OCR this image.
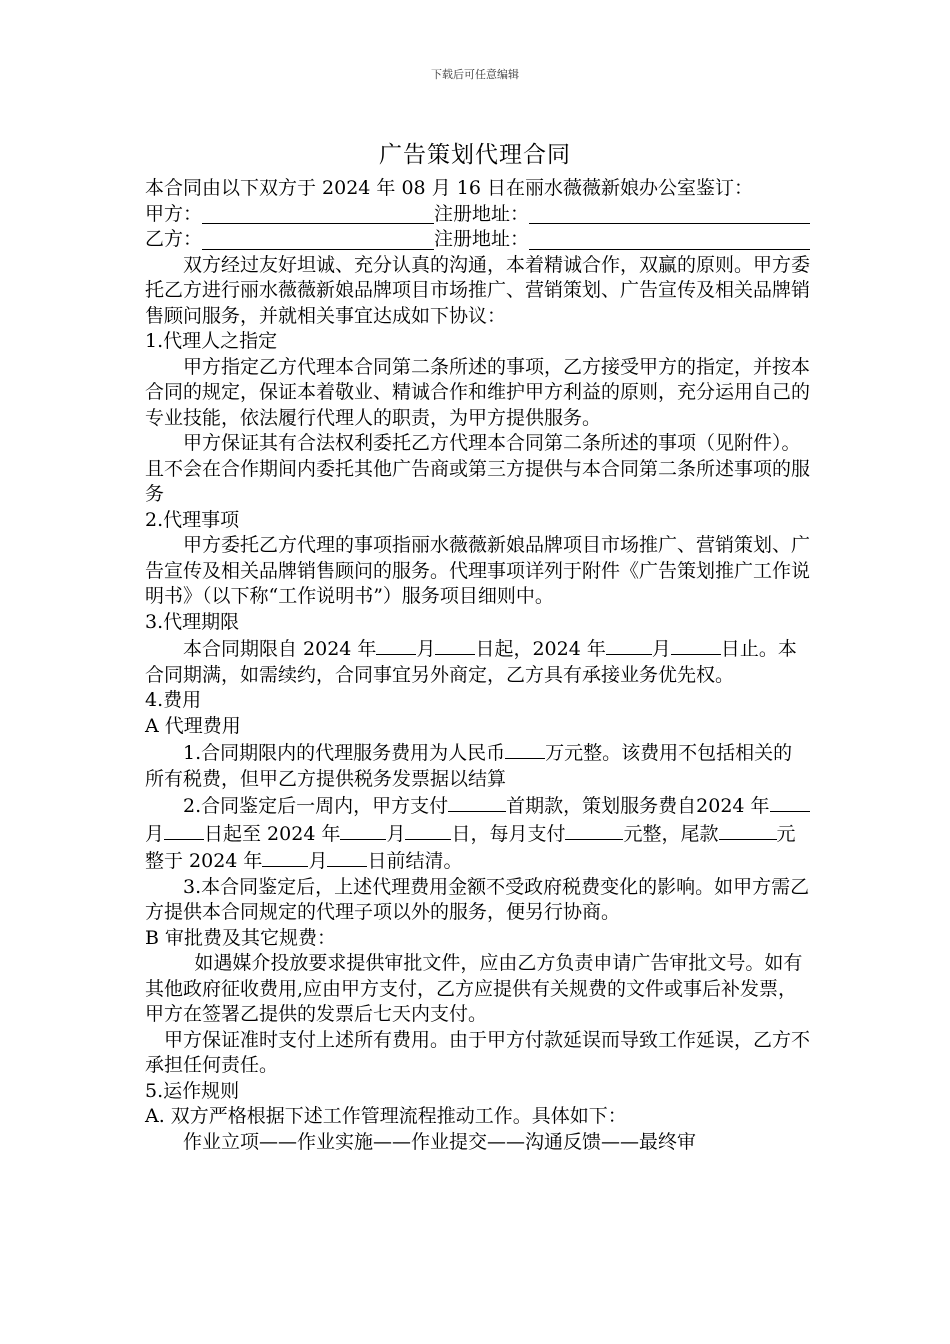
下载后可任意编辑
广告策划代理合同

本合同由以下双方于 2024 年 08 月 16 日在丽水薇薇新娘办公室鉴订：

甲方：	注册地址：
乙方：	注册地址：

双方经过友好坦诚、充分认真的沟通，本着精诚合作，双赢的原则。甲方委托乙方进行丽水薇薇新娘品牌项目市场推广、营销策划、广告宣传及相关品牌销售顾问服务，并就相关事宜达成如下协议：

1.代理人之指定

甲方指定乙方代理本合同第二条所述的事项，乙方接受甲方的指定，并按本合同的规定，保证本着敬业、精诚合作和维护甲方利益的原则，充分运用自己的专业技能，依法履行代理人的职责，为甲方提供服务。

甲方保证其有合法权利委托乙方代理本合同第二条所述的事项（见附件）。且不会在合作期间内委托其他广告商或第三方提供与本合同第二条所述事项的服务

2.代理事项

甲方委托乙方代理的事项指丽水薇薇新娘品牌项目市场推广、营销策划、广告宣传及相关品牌销售顾问的服务。代理事项详列于附件《广告策划推广工作说明书》（以下称“工作说明书”）服务项目细则中。

3.代理期限

本合同期限自 2024 年 月 日起，2024 年 月	日止。本合同期满，如需续约，合同事宜另外商定，乙方具有承接业务优先权。

4.费用

A 代理费用

1.合同期限内的代理服务费用为人民币 万元整。该费用不包括相关的所有税费，但甲乙方提供税务发票据以结算

2.合同鉴定后一周内，甲方支付	首期款，策划服务费自2024 年月 日起至 2024 年 月 日，每月支付	元整，尾款	元整于 2024 年 月 日前结清。

3.本合同鉴定后，上述代理费用金额不受政府税费变化的影响。如甲方需乙方提供本合同规定的代理子项以外的服务，便另行协商。

B 审批费及其它规费：

如遇媒介投放要求提供审批文件，应由乙方负责申请广告审批文号。如有其他政府征收费用,应由甲方支付，乙方应提供有关规费的文件或事后补发票， 甲方在签署乙提供的发票后七天内支付。

甲方保证准时支付上述所有费用。由于甲方付款延误而导致工作延误，乙方不承担任何责任。

5.运作规则

A. 双方严格根据下述工作管理流程推动工作。具体如下：

作业立项——作业实施——作业提交——沟通反馈——最终审
